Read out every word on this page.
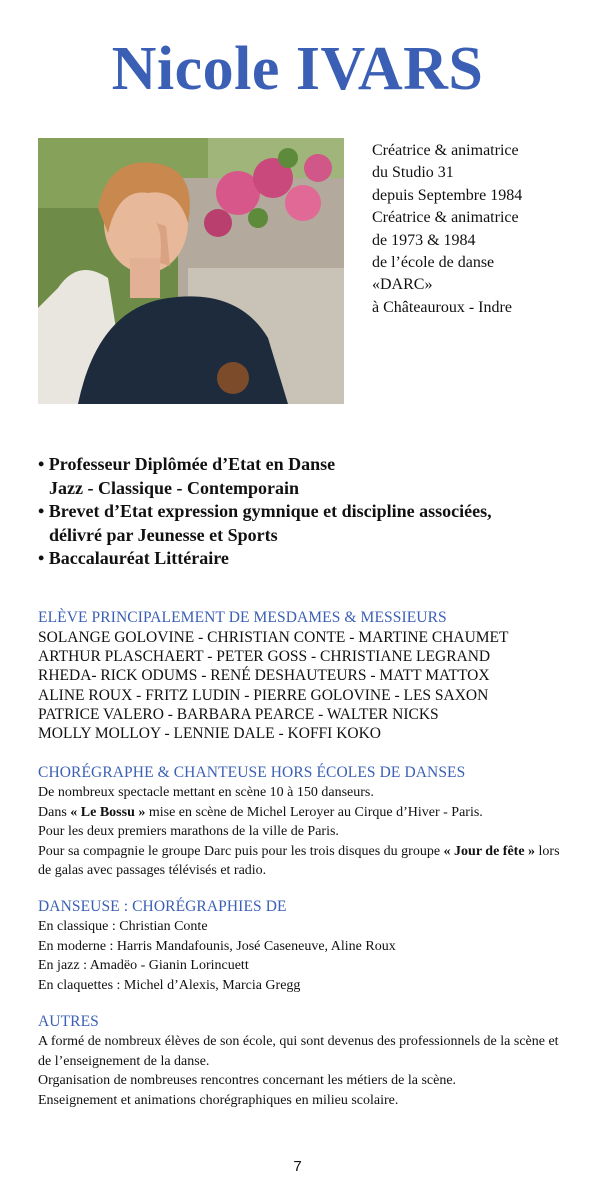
Nicole IVARS
Créatrice & animatrice
du Studio 31
depuis Septembre 1984
Créatrice & animatrice
de 1973 & 1984
de l’école de danse
«DARC»
à Châteauroux - Indre
• Professeur Diplômée d’Etat en Danse
Jazz - Classique - Contemporain
• Brevet d’Etat expression gymnique et discipline associées,
délivré par Jeunesse et Sports
• Baccalauréat Littéraire
ELÈVE PRINCIPALEMENT DE MESDAMES & MESSIEURS
SOLANGE GOLOVINE - CHRISTIAN CONTE - MARTINE CHAUMET
ARTHUR PLASCHAERT - PETER GOSS - CHRISTIANE LEGRAND
RHEDA- RICK ODUMS - RENÉ DESHAUTEURS - MATT MATTOX
ALINE ROUX - FRITZ LUDIN - PIERRE GOLOVINE - LES SAXON
PATRICE VALERO - BARBARA PEARCE - WALTER NICKS
MOLLY MOLLOY - LENNIE DALE - KOFFI KOKO
CHORÉGRAPHE & CHANTEUSE HORS ÉCOLES DE DANSES
De nombreux spectacle mettant en scène 10 à 150 danseurs.
Dans « Le Bossu » mise en scène de Michel Leroyer au Cirque d’Hiver - Paris.
Pour les deux premiers marathons de la ville de Paris.
Pour sa compagnie le groupe Darc puis pour les trois disques du groupe « Jour de fête » lors de galas avec passages télévisés et radio.
DANSEUSE : CHORÉGRAPHIES DE
En classique : Christian Conte
En moderne : Harris Mandafounis, José Caseneuve, Aline Roux
En jazz : Amadëo - Gianin Lorincuett
En claquettes : Michel d’Alexis, Marcia Gregg
AUTRES
A formé de nombreux élèves de son école, qui sont devenus des professionnels de la scène et de l’enseignement de la danse.
Organisation de nombreuses rencontres concernant les métiers de la scène.
Enseignement et animations chorégraphiques en milieu scolaire.
7
